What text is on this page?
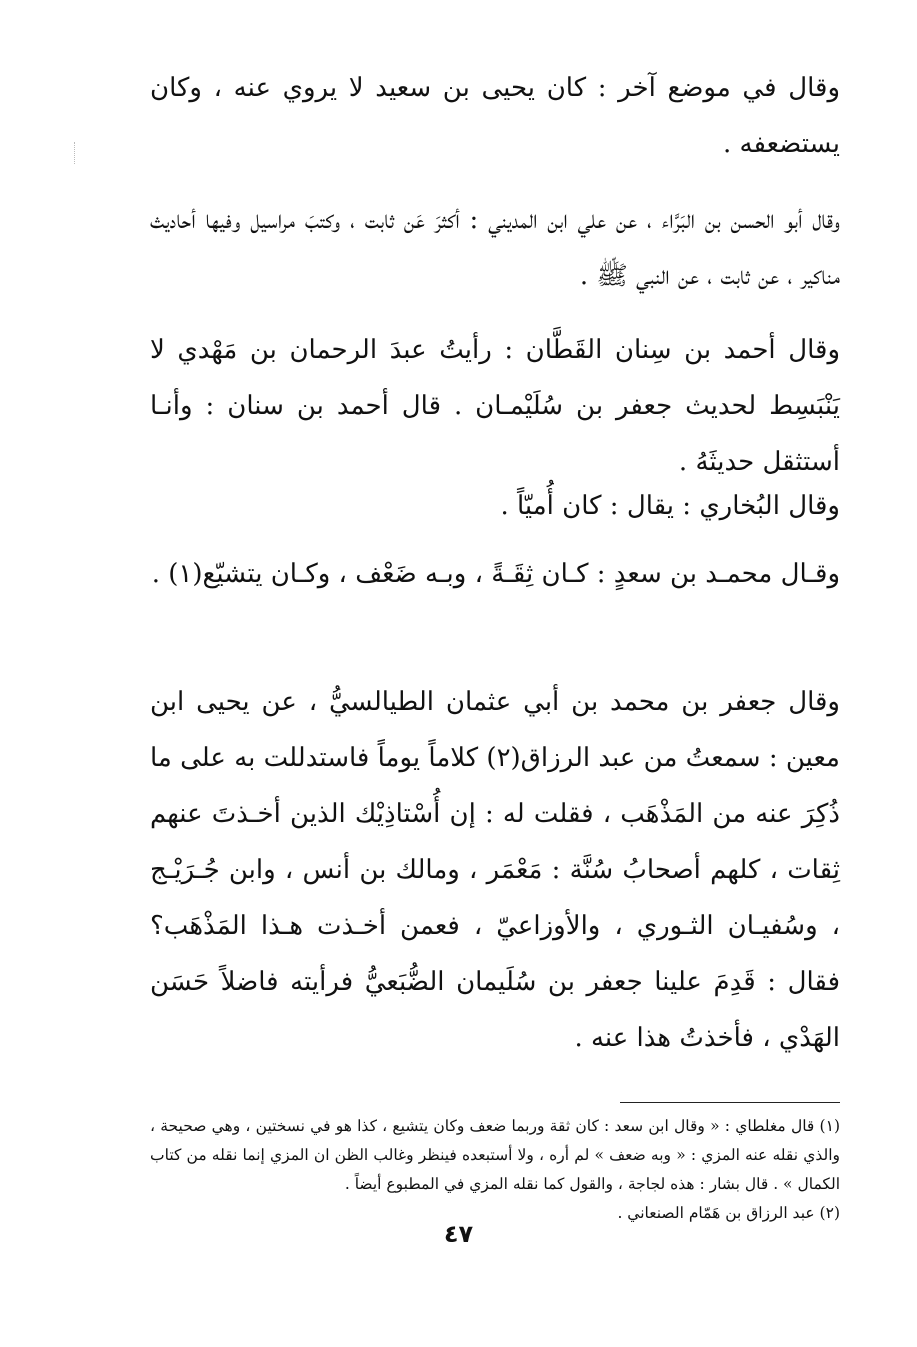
وقال في موضع آخر : كان يحيى بن سعيد لا يروي عنه ، وكان يستضعفه .

وقال أبو الحسن بن البَرَّاء ، عن علي ابن المديني : أكثرَ عَن ثابت ، وكتبَ مراسيل وفيها أحاديث مناكير ، عن ثابت ، عن النبي ﷺ .

وقال أحمد بن سِنان القَطَّان : رأيتُ عبدَ الرحمان بن مَهْدي لا يَنْبَسِط لحديث جعفر بن سُلَيْمـان . قال أحمد بن سنان : وأنـا أستثقل حديثَهُ .

وقال البُخاري : يقال : كان أُميّاً .

وقـال محمـد بن سعدٍ : كـان ثِقَـةً ، وبـه ضَعْف ، وكـان يتشيّع(١) .

وقال جعفر بن محمد بن أبي عثمان الطيالسيُّ ، عن يحيى ابن معين : سمعتُ من عبد الرزاق(٢) كلاماً يوماً فاستدللت به على ما ذُكِرَ عنه من المَذْهَب ، فقلت له : إن أُسْتاذِيْك الذين أخـذتَ عنهم ثِقات ، كلهم أصحابُ سُنَّة : مَعْمَر ، ومالك بن أنس ، وابن جُـرَيْـج ، وسُفيـان الثـوري ، والأوزاعيّ ، فعمن أخـذت هـذا المَذْهَب؟ فقال : قَدِمَ علينا جعفر بن سُلَيمان الضُّبَعيُّ فرأيته فاضلاً حَسَن الهَدْي ، فأخذتُ هذا عنه .

(١) قال مغلطاي : « وقال ابن سعد : كان ثقة وربما ضعف وكان يتشيع ، كذا هو في نسختين ، وهي صحيحة ، والذي نقله عنه المزي : « وبه ضعف » لم أره ، ولا أستبعده فينظر وغالب الظن ان المزي إنما نقله من كتاب الكمال » . قال بشار : هذه لجاجة ، والقول كما نقله المزي في المطبوع أيضاً .

(٢) عبد الرزاق بن هَمّام الصنعاني .

٤٧
